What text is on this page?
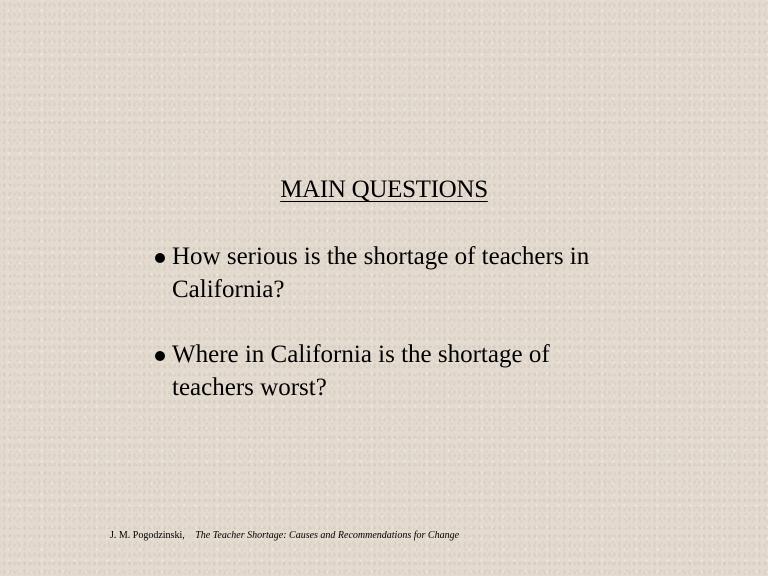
MAIN QUESTIONS
How serious is the shortage of teachers in California?
Where in California is the shortage of teachers worst?
J. M. Pogodzinski, The Teacher Shortage: Causes and Recommendations for Change
